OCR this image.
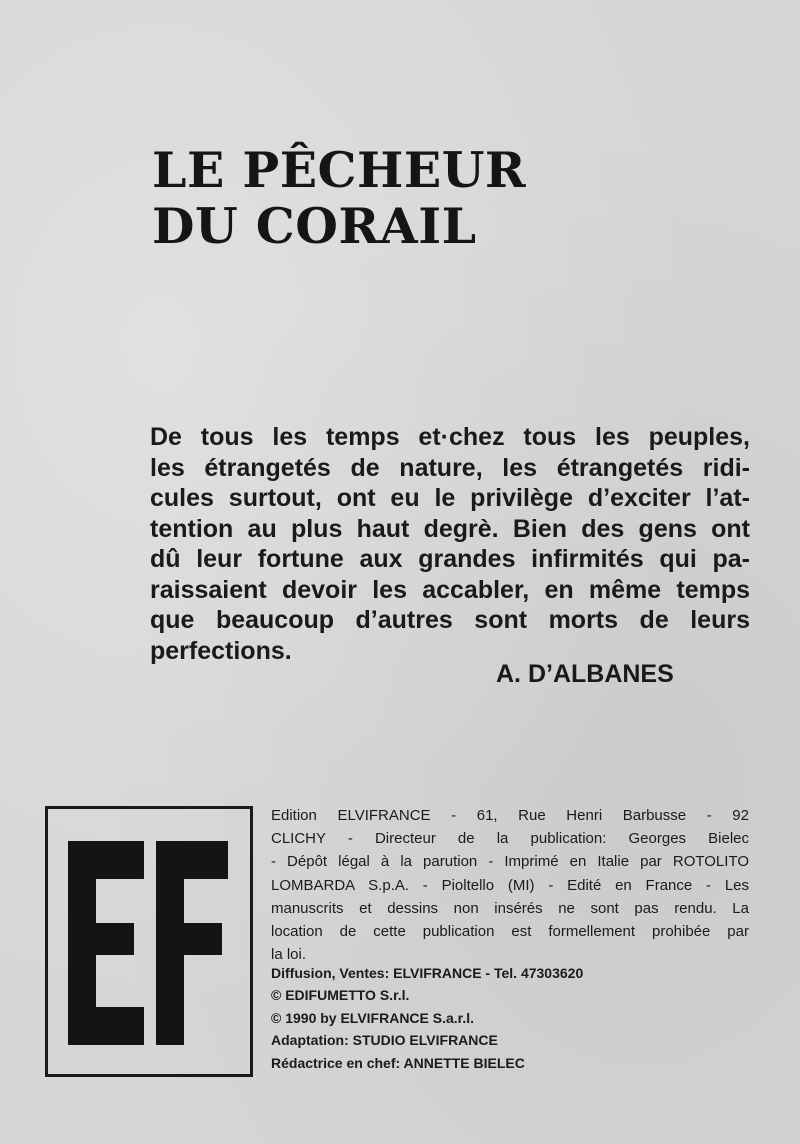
LE PÊCHEUR
DU CORAIL
De tous les temps et·chez tous les peuples,
les étrangetés de nature, les étrangetés ridi-
cules surtout, ont eu le privilège d’exciter l’at-
tention au plus haut degrè. Bien des gens ont
dû leur fortune aux grandes infirmités qui pa-
raissaient devoir les accabler, en même temps
que beaucoup d’autres sont morts de leurs
perfections.
A. D’ALBANES
Edition ELVIFRANCE - 61, Rue Henri Barbusse - 92
CLICHY - Directeur de la publication: Georges Bielec
- Dépôt légal à la parution - Imprimé en Italie par ROTOLITO
LOMBARDA S.p.A. - Pioltello (MI) - Edité en France - Les
manuscrits et dessins non insérés ne sont pas rendu. La
location de cette publication est formellement prohibée par
la loi.
Diffusion, Ventes: ELVIFRANCE - Tel. 47303620
© EDIFUMETTO S.r.l.
© 1990 by ELVIFRANCE S.a.r.l.
Adaptation: STUDIO ELVIFRANCE
Rédactrice en chef: ANNETTE BIELEC
